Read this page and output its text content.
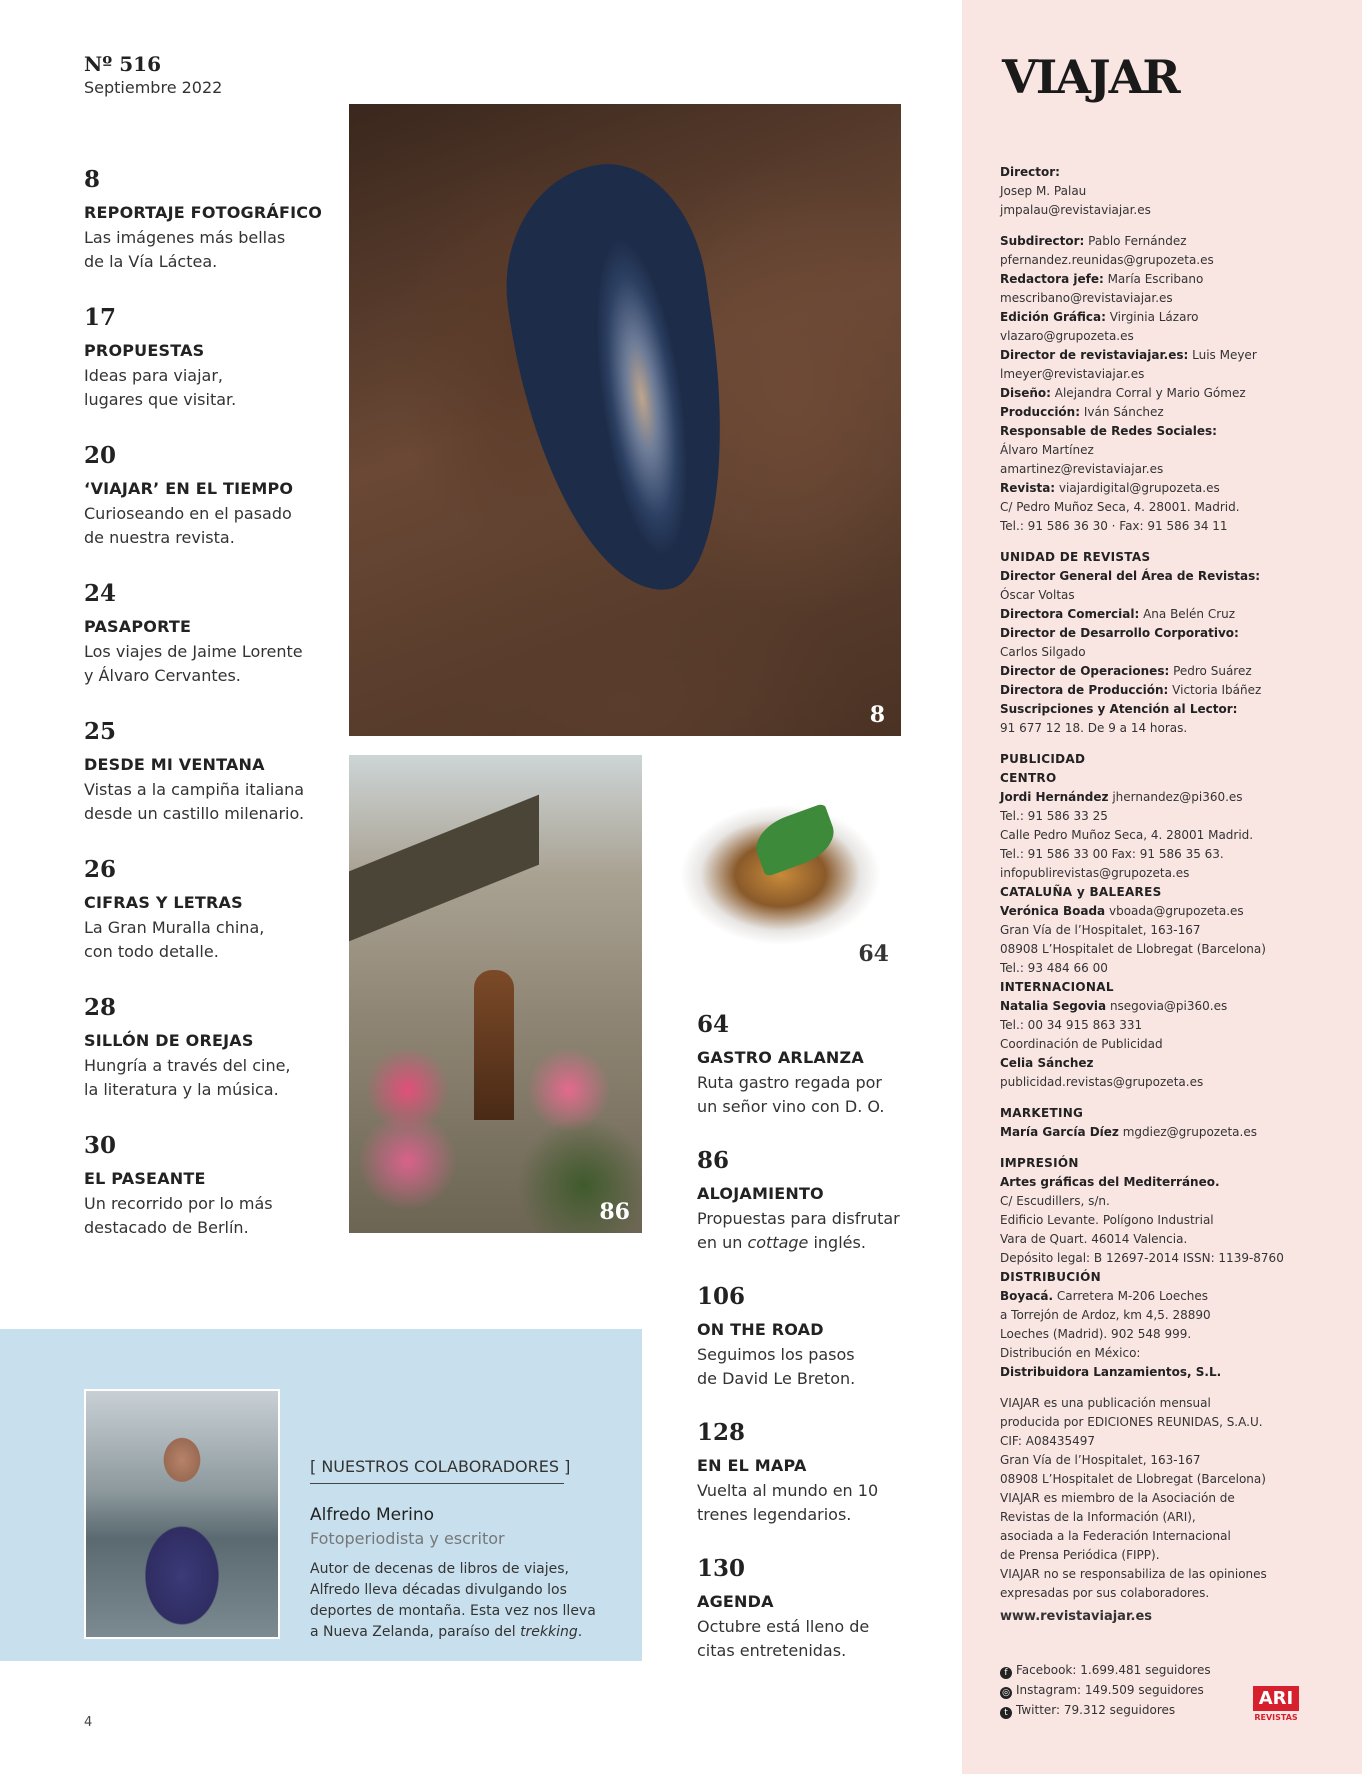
Nº 516
Septiembre 2022
8
REPORTAJE FOTOGRÁFICO
Las imágenes más bellas
de la Vía Láctea.
17
PROPUESTAS
Ideas para viajar,
lugares que visitar.
20
‘VIAJAR’ EN EL TIEMPO
Curioseando en el pasado
de nuestra revista.
24
PASAPORTE
Los viajes de Jaime Lorente
y Álvaro Cervantes.
25
DESDE MI VENTANA
Vistas a la campiña italiana
desde un castillo milenario.
26
CIFRAS Y LETRAS
La Gran Muralla china,
con todo detalle.
28
SILLÓN DE OREJAS
Hungría a través del cine,
la literatura y la música.
30
EL PASEANTE
Un recorrido por lo más
destacado de Berlín.
64
GASTRO ARLANZA
Ruta gastro regada por
un señor vino con D. O.
86
ALOJAMIENTO
Propuestas para disfrutar
en un cottage inglés.
106
ON THE ROAD
Seguimos los pasos
de David Le Breton.
128
EN EL MAPA
Vuelta al mundo en 10
trenes legendarios.
130
AGENDA
Octubre está lleno de
citas entretenidas.
8
86
64
[ NUESTROS COLABORADORES ]
Alfredo Merino
Fotoperiodista y escritor
Autor de decenas de libros de viajes,
Alfredo lleva décadas divulgando los
deportes de montaña. Esta vez nos lleva
a Nueva Zelanda, paraíso del trekking.
4
VIAJAR
Director:
Josep M. Palau
jmpalau@revistaviajar.es
Subdirector: Pablo Fernández
pfernandez.reunidas@grupozeta.es
Redactora jefe: María Escribano
mescribano@revistaviajar.es
Edición Gráfica: Virginia Lázaro
vlazaro@grupozeta.es
Director de revistaviajar.es: Luis Meyer
lmeyer@revistaviajar.es
Diseño: Alejandra Corral y Mario Gómez
Producción: Iván Sánchez
Responsable de Redes Sociales:
Álvaro Martínez
amartinez@revistaviajar.es
Revista: viajardigital@grupozeta.es
C/ Pedro Muñoz Seca, 4. 28001. Madrid.
Tel.: 91 586 36 30 · Fax: 91 586 34 11
UNIDAD DE REVISTAS
Director General del Área de Revistas:
Óscar Voltas
Directora Comercial: Ana Belén Cruz
Director de Desarrollo Corporativo:
Carlos Silgado
Director de Operaciones: Pedro Suárez
Directora de Producción: Victoria Ibáñez
Suscripciones y Atención al Lector:
91 677 12 18. De 9 a 14 horas.
PUBLICIDAD
CENTRO
Jordi Hernández jhernandez@pi360.es
Tel.: 91 586 33 25
Calle Pedro Muñoz Seca, 4. 28001 Madrid.
Tel.: 91 586 33 00 Fax: 91 586 35 63.
infopublirevistas@grupozeta.es
CATALUÑA y BALEARES
Verónica Boada vboada@grupozeta.es
Gran Vía de l’Hospitalet, 163-167
08908 L’Hospitalet de Llobregat (Barcelona)
Tel.: 93 484 66 00
INTERNACIONAL
Natalia Segovia nsegovia@pi360.es
Tel.: 00 34 915 863 331
Coordinación de Publicidad
Celia Sánchez
publicidad.revistas@grupozeta.es
MARKETING
María García Díez mgdiez@grupozeta.es
IMPRESIÓN
Artes gráficas del Mediterráneo.
C/ Escudillers, s/n.
Edificio Levante. Polígono Industrial
Vara de Quart. 46014 Valencia.
Depósito legal: B 12697-2014 ISSN: 1139-8760
DISTRIBUCIÓN
Boyacá. Carretera M-206 Loeches
a Torrejón de Ardoz, km 4,5. 28890
Loeches (Madrid). 902 548 999.
Distribución en México:
Distribuidora Lanzamientos, S.L.
VIAJAR es una publicación mensual
producida por EDICIONES REUNIDAS, S.A.U.
CIF: A08435497
Gran Vía de l’Hospitalet, 163-167
08908 L’Hospitalet de Llobregat (Barcelona)
VIAJAR es miembro de la Asociación de
Revistas de la Información (ARI),
asociada a la Federación Internacional
de Prensa Periódica (FIPP).
VIAJAR no se responsabiliza de las opiniones
expresadas por sus colaboradores.
www.revistaviajar.es
f Facebook: 1.699.481 seguidores
◎ Instagram: 149.509 seguidores
t Twitter: 79.312 seguidores
ARI
REVISTAS
